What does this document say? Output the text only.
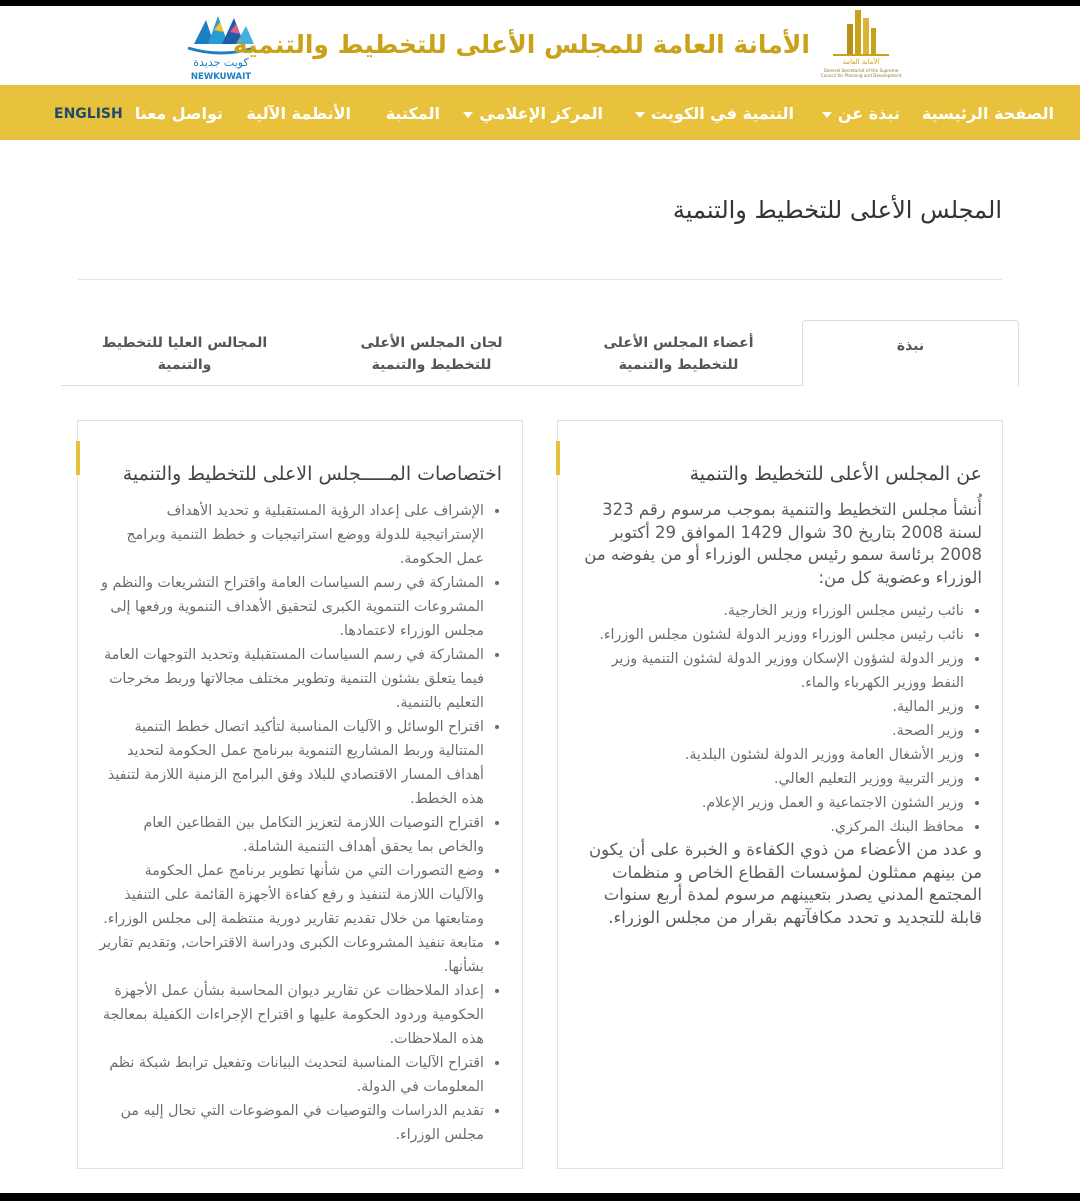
كويت جديدة
NEWKUWAIT
الأمانة العامة للمجلس الأعلى للتخطيط والتنمية
الأمانة العامة
General Secretariat of the Supreme
Council for Planning and Development
الصفحة الرئيسية
نبذة عن
التنمية في الكويت
المركز الإعلامي
المكتبة
الأنظمة الآلية
تواصل معنا
ENGLISH
المجلس الأعلى للتخطيط والتنمية
نبذة
أعضاء المجلس الأعلى للتخطيط والتنمية
لجان المجلس الأعلى للتخطيط والتنمية
المجالس العليا للتخطيط والتنمية
عن المجلس الأعلى للتخطيط والتنمية

أُنشأ مجلس التخطيط والتنمية بموجب مرسوم رقم 323 لسنة 2008 بتاريخ 30 شوال 1429 الموافق 29 أكتوبر 2008 برئاسة سمو رئيس مجلس الوزراء أو من يفوضه من الوزراء وعضوية كل من:

• نائب رئيس مجلس الوزراء وزير الخارجية.
• نائب رئيس مجلس الوزراء ووزير الدولة لشئون مجلس الوزراء.
• وزير الدولة لشؤون الإسكان ووزير الدولة لشئون التنمية وزير النفط ووزير الكهرباء والماء.
• وزير المالية.
• وزير الصحة.
• وزير الأشغال العامة ووزير الدولة لشئون البلدية.
• وزير التربية ووزير التعليم العالي.
• وزير الشئون الاجتماعية و العمل وزير الإعلام.
• محافظ البنك المركزي.

و عدد من الأعضاء من ذوي الكفاءة و الخبرة على أن يكون من بينهم ممثلون لمؤسسات القطاع الخاص و منظمات المجتمع المدني يصدر بتعيينهم مرسوم لمدة أربع سنوات قابلة للتجديد و تحدد مكافآتهم بقرار من مجلس الوزراء.

اختصاصات المـــــجلس الاعلى للتخطيط والتنمية
• الإشراف على إعداد الرؤية المستقبلية و تحديد الأهداف الإستراتيجية للدولة ووضع استراتيجيات و خطط التنمية وبرامج عمل الحكومة.
• المشاركة في رسم السياسات العامة واقتراح التشريعات والنظم و المشروعات التنموية الكبرى لتحقيق الأهداف التنموية ورفعها إلى مجلس الوزراء لاعتمادها.
• المشاركة في رسم السياسات المستقبلية وتحديد التوجهات العامة فيما يتعلق بشئون التنمية وتطوير مختلف مجالاتها وربط مخرجات التعليم بالتنمية.
• اقتراح الوسائل و الآليات المناسبة لتأكيد اتصال خطط التنمية المتتالية وربط المشاريع التنموية ببرنامج عمل الحكومة لتحديد أهداف المسار الاقتصادي للبلاد وفق البرامج الزمنية اللازمة لتنفيذ هذه الخطط.
• اقتراح التوصيات اللازمة لتعزيز التكامل بين القطاعين العام والخاص بما يحقق أهداف التنمية الشاملة.
• وضع التصورات التي من شأنها تطوير برنامج عمل الحكومة والآليات اللازمة لتنفيذ و رفع كفاءة الأجهزة القائمة على التنفيذ ومتابعتها من خلال تقديم تقارير دورية منتظمة إلى مجلس الوزراء.
• متابعة تنفيذ المشروعات الكبرى ودراسة الاقتراحات, وتقديم تقارير بشأنها.
• إعداد الملاحظات عن تقارير ديوان المحاسبة بشأن عمل الأجهزة الحكومية وردود الحكومة عليها و اقتراح الإجراءات الكفيلة بمعالجة هذه الملاحظات.
• اقتراح الآليات المناسبة لتحديث البيانات وتفعيل ترابط شبكة نظم المعلومات في الدولة.
• تقديم الدراسات والتوصيات في الموضوعات التي تحال إليه من مجلس الوزراء.
